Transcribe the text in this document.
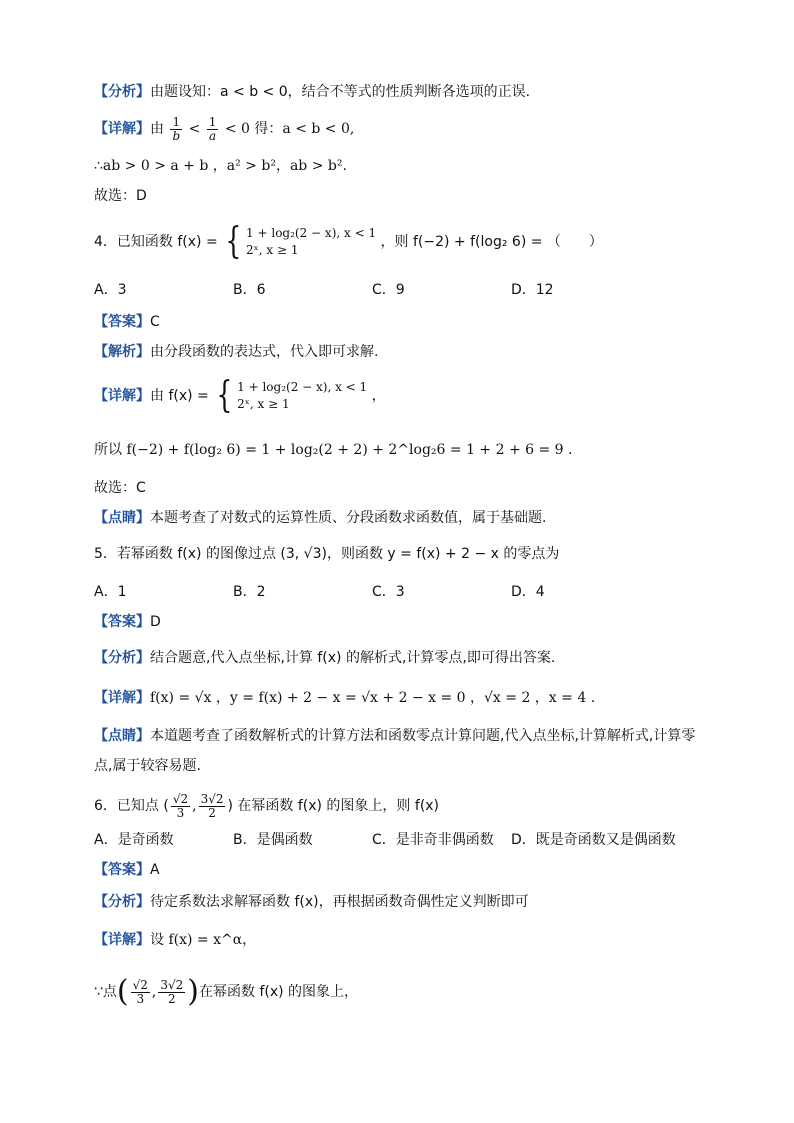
【分析】由题设知：a < b < 0，结合不等式的性质判断各选项的正误.
【详解】由 $\frac{1}{b} < \frac{1}{a} < 0$ 得：a < b < 0,
∴ab > 0 > a + b ，a² > b²，ab > b².
故选：D
4．已知函数 f(x) = { 1 + log₂(2 − x), x < 1
2ˣ, x ≥ 1	，则 f(−2) + f(log₂ 6) = （　　）
A．3	B．6	C．9	D．12
【答案】C
【解析】由分段函数的表达式，代入即可求解.
【详解】由 f(x) = { 1 + log₂(2 − x), x < 1
2ˣ, x ≥ 1	，
所以 f(−2) + f(log₂ 6) = 1 + log₂(2 + 2) + 2^log₂6 = 1 + 2 + 6 = 9 .
故选：C
【点睛】本题考查了对数式的运算性质、分段函数求函数值，属于基础题.
5．若幂函数 f(x) 的图像过点 (3, √3)，则函数 y = f(x) + 2 − x 的零点为
A．1	B．2	C．3	D．4
【答案】D
【分析】结合题意,代入点坐标,计算 f(x) 的解析式,计算零点,即可得出答案.
【详解】f(x) = √x ，y = f(x) + 2 − x = √x + 2 − x = 0 ，√x = 2 ，x = 4 .
【点睛】本道题考查了函数解析式的计算方法和函数零点计算问题,代入点坐标,计算解析式,计算零
点,属于较容易题.
6．已知点 ( $\frac{√2}{3}$ , $\frac{3√2}{2}$ ) 在幂函数 f(x) 的图象上，则 f(x)
A．是奇函数	B．是偶函数	C．是非奇非偶函数	D．既是奇函数又是偶函数
【答案】A
【分析】待定系数法求解幂函数 f(x)，再根据函数奇偶性定义判断即可
【详解】设 f(x) = x^α，
∵点( $\frac{√2}{3}$ , $\frac{3√2}{2}$ )在幂函数 f(x) 的图象上，
